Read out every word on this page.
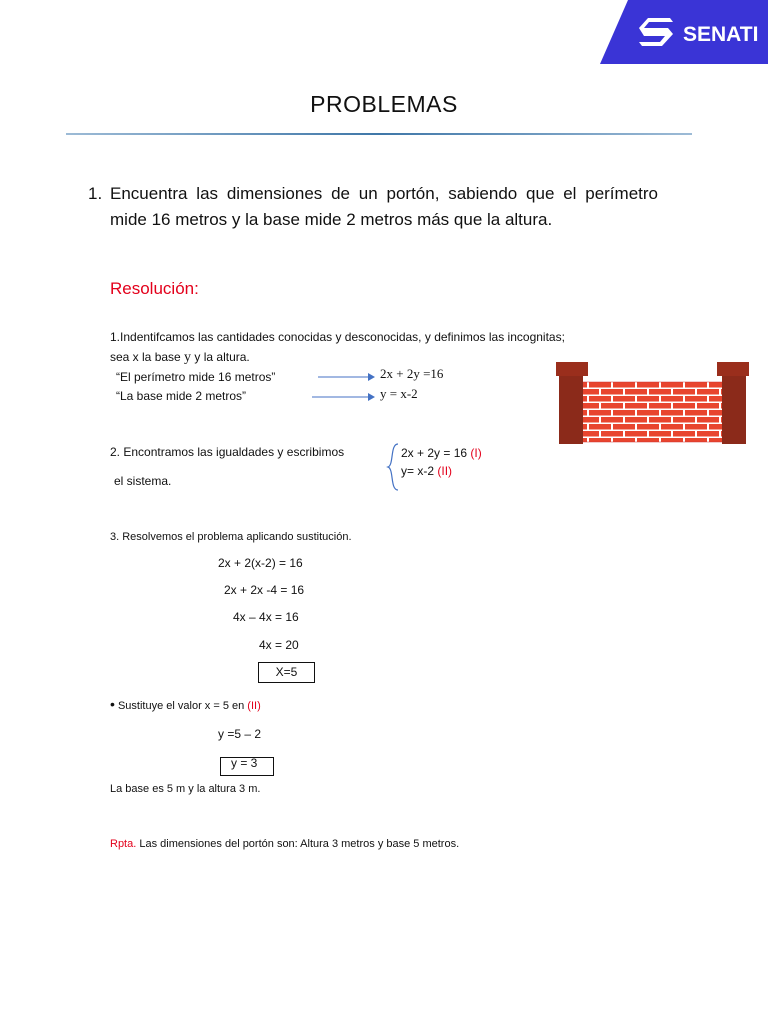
SENATI
PROBLEMAS
1. Encuentra las dimensiones de un portón, sabiendo que el perímetro mide 16 metros y la base mide 2 metros más que la altura.
Resolución:
1.Indentifcamos las cantidades conocidas y desconocidas, y definimos las incognitas;
sea x la base y y la altura.
“El perímetro mide 16 metros”	2x + 2y =16
“La base mide 2 metros”	y = x-2
2. Encontramos las igualdades y escribimos
el sistema.
2x + 2y = 16 (I)
y= x-2 (II)
3. Resolvemos el problema aplicando sustitución.
2x + 2(x-2) = 16
2x + 2x -4 = 16
4x – 4x = 16
4x = 20
X=5
• Sustituye el valor x = 5 en (II)
y =5 – 2
y = 3
La base es 5 m y la altura 3 m.
Rpta. Las dimensiones del portón son: Altura 3 metros y base 5 metros.
